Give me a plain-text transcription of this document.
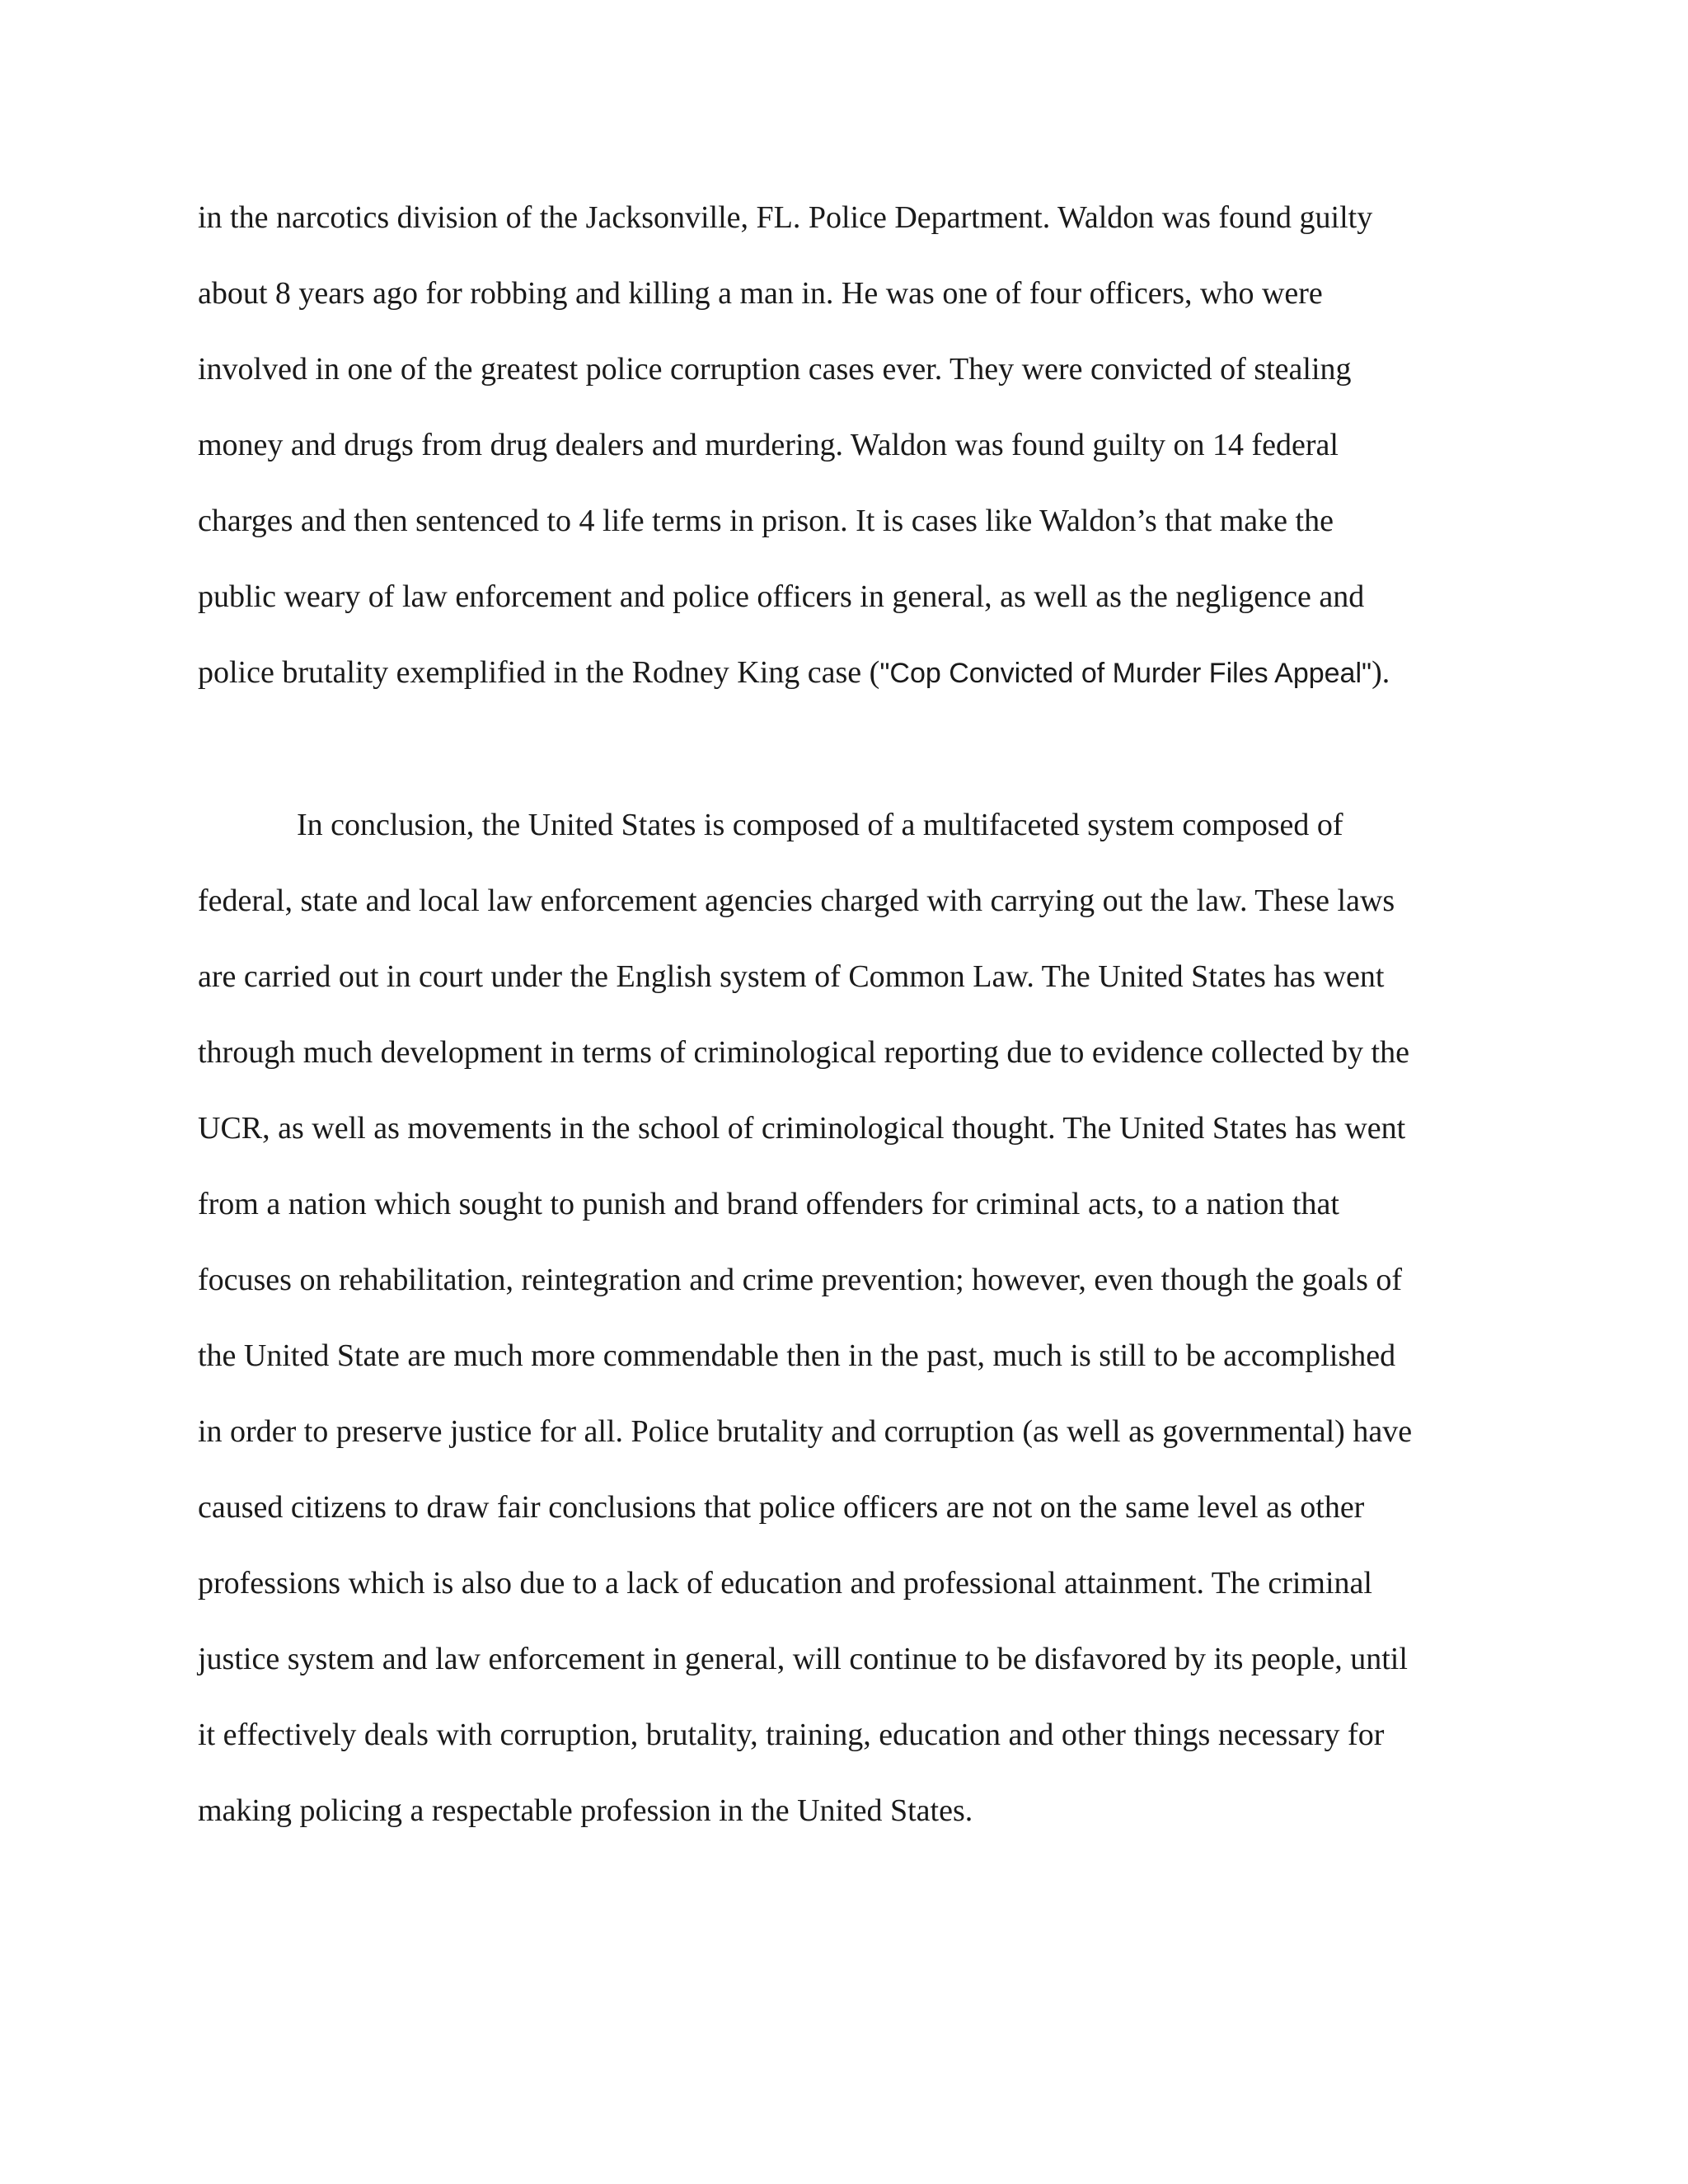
in the narcotics division of the Jacksonville, FL. Police Department. Waldon was found guilty
about 8 years ago for robbing and killing a man in. He was one of four officers, who were
involved in one of the greatest police corruption cases ever. They were convicted of stealing
money and drugs from drug dealers and murdering. Waldon was found guilty on 14 federal
charges and then sentenced to 4 life terms in prison. It is cases like Waldon’s that make the
public weary of law enforcement and police officers in general, as well as the negligence and
police brutality exemplified in the Rodney King case ("Cop Convicted of Murder Files Appeal").
In conclusion, the United States is composed of a multifaceted system composed of
federal, state and local law enforcement agencies charged with carrying out the law. These laws
are carried out in court under the English system of Common Law. The United States has went
through much development in terms of criminological reporting due to evidence collected by the
UCR, as well as movements in the school of criminological thought. The United States has went
from a nation which sought to punish and brand offenders for criminal acts, to a nation that
focuses on rehabilitation, reintegration and crime prevention; however, even though the goals of
the United State are much more commendable then in the past, much is still to be accomplished
in order to preserve justice for all. Police brutality and corruption (as well as governmental) have
caused citizens to draw fair conclusions that police officers are not on the same level as other
professions which is also due to a lack of education and professional attainment. The criminal
justice system and law enforcement in general, will continue to be disfavored by its people, until
it effectively deals with corruption, brutality, training, education and other things necessary for
making policing a respectable profession in the United States.
